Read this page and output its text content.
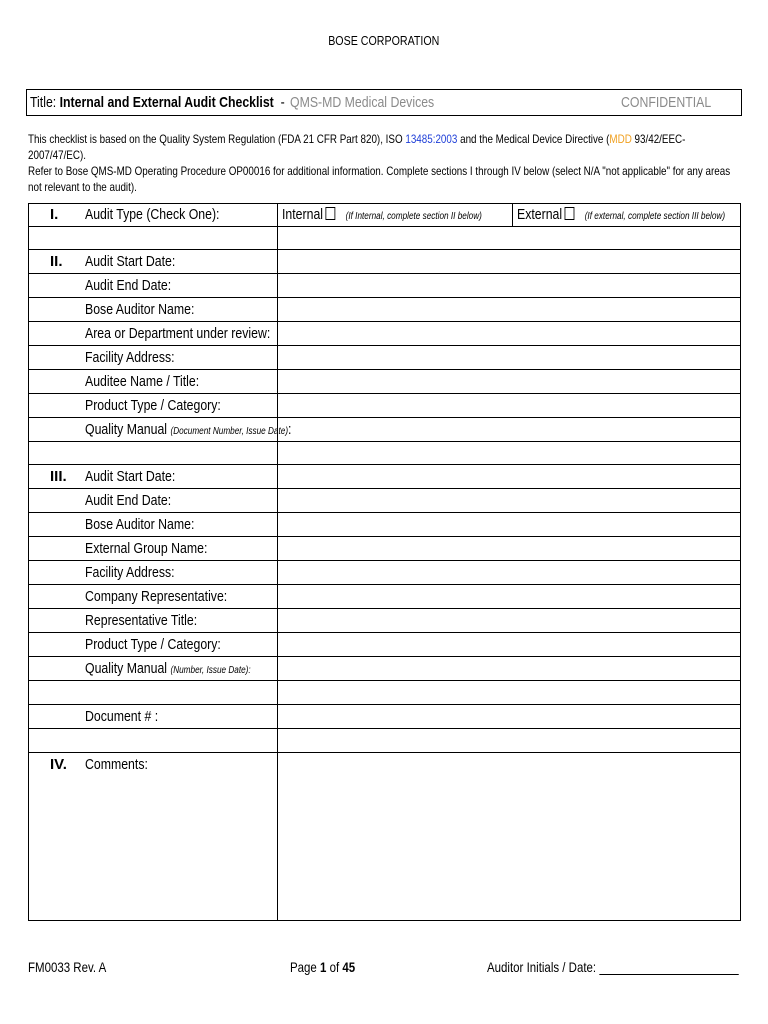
BOSE CORPORATION
Title: Internal and External Audit Checklist - QMS-MD Medical Devices	CONFIDENTIAL
This checklist is based on the Quality System Regulation (FDA 21 CFR Part 820), ISO 13485:2003 and the Medical Device Directive (MDD 93/42/EEC-2007/47/EC).
Refer to Bose QMS-MD Operating Procedure OP00016 for additional information. Complete sections I through IV below (select N/A "not applicable" for any areas not relevant to the audit).
I. Audit Type (Check One):	Internal (If Internal, complete section II below)	External (If external, complete section III below)
II. Audit Start Date:
Audit End Date:
Bose Auditor Name:
Area or Department under review:
Facility Address:
Auditee Name / Title:
Product Type / Category:
Quality Manual (Document Number, Issue Date):
III. Audit Start Date:
Audit End Date:
Bose Auditor Name:
External Group Name:
Facility Address:
Company Representative:
Representative Title:
Product Type / Category:
Quality Manual (Number, Issue Date):
Document # :
IV. Comments:
FM0033 Rev. A	Page 1 of 45	Auditor Initials / Date:
